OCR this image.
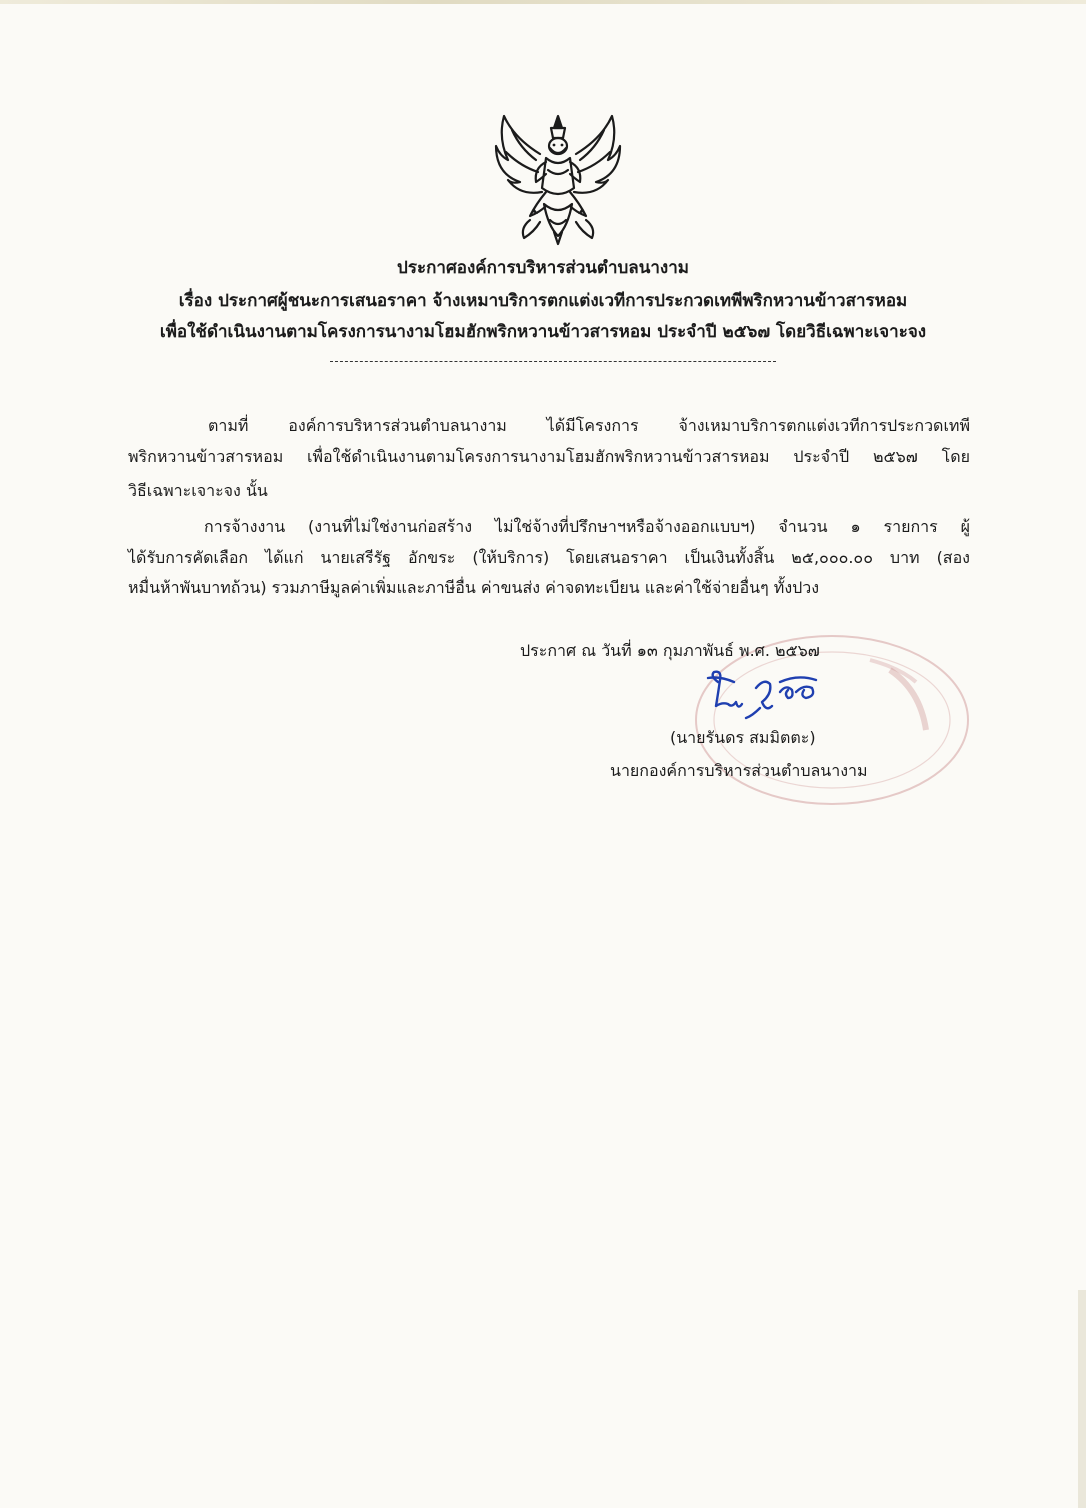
ประกาศองค์การบริหารส่วนตำบลนางาม
เรื่อง ประกาศผู้ชนะการเสนอราคา จ้างเหมาบริการตกแต่งเวทีการประกวดเทพีพริกหวานข้าวสารหอม
เพื่อใช้ดำเนินงานตามโครงการนางามโฮมฮักพริกหวานข้าวสารหอม ประจำปี ๒๕๖๗ โดยวิธีเฉพาะเจาะจง
ตามที่ องค์การบริหารส่วนตำบลนางาม ได้มีโครงการ จ้างเหมาบริการตกแต่งเวทีการประกวดเทพี
พริกหวานข้าวสารหอม เพื่อใช้ดำเนินงานตามโครงการนางามโฮมฮักพริกหวานข้าวสารหอม ประจำปี ๒๕๖๗ โดย
วิธีเฉพาะเจาะจง นั้น
การจ้างงาน (งานที่ไม่ใช่งานก่อสร้าง ไม่ใช่จ้างที่ปรึกษาฯหรือจ้างออกแบบฯ) จำนวน ๑ รายการ ผู้
ได้รับการคัดเลือก ได้แก่ นายเสรีรัฐ อักขระ (ให้บริการ) โดยเสนอราคา เป็นเงินทั้งสิ้น ๒๕,๐๐๐.๐๐ บาท (สอง
หมื่นห้าพันบาทถ้วน) รวมภาษีมูลค่าเพิ่มและภาษีอื่น ค่าขนส่ง ค่าจดทะเบียน และค่าใช้จ่ายอื่นๆ ทั้งปวง
ประกาศ ณ วันที่ ๑๓ กุมภาพันธ์ พ.ศ. ๒๕๖๗
(นายรันดร สมมิตตะ)
นายกองค์การบริหารส่วนตำบลนางาม
